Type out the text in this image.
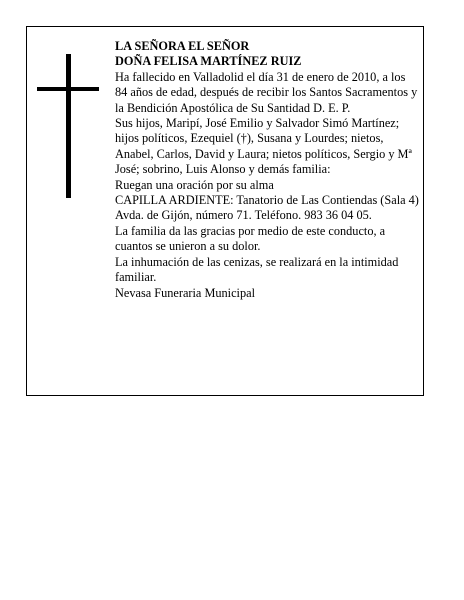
LA SEÑORA EL SEÑOR

DOÑA FELISA MARTÍNEZ RUIZ

Ha fallecido en Valladolid el día 31 de enero de 2010, a los 84 años de edad, después de recibir los Santos Sacramentos y la Bendición Apostólica de Su Santidad D. E. P.

Sus hijos, Maripí, José Emilio y Salvador Simó Martínez; hijos políticos, Ezequiel (†), Susana y Lourdes; nietos, Anabel, Carlos, David y Laura; nietos políticos, Sergio y Mª José; sobrino, Luis Alonso y demás familia:

Ruegan una oración por su alma

CAPILLA ARDIENTE: Tanatorio de Las Contiendas (Sala 4) Avda. de Gijón, número 71. Teléfono. 983 36 04 05.

La familia da las gracias por medio de este conducto, a cuantos se unieron a su dolor.

La inhumación de las cenizas, se realizará en la intimidad familiar.

Nevasa Funeraria Municipal
